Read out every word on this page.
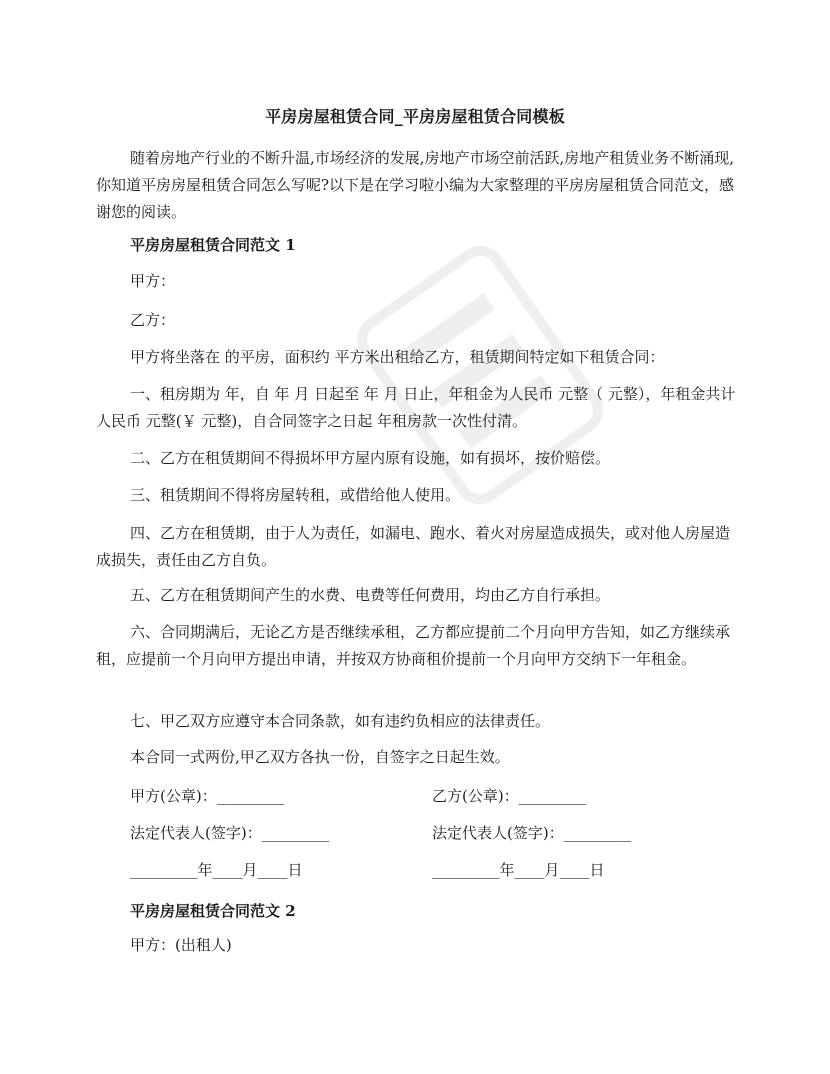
平房房屋租赁合同_平房房屋租赁合同模板

随着房地产行业的不断升温,市场经济的发展,房地产市场空前活跃,房地产租赁业务不断涌现,你知道平房房屋租赁合同怎么写呢?以下是在学习啦小编为大家整理的平房房屋租赁合同范文，感谢您的阅读。

平房房屋租赁合同范文 1

甲方：

乙方：

甲方将坐落在 的平房，面积约 平方米出租给乙方，租赁期间特定如下租赁合同：

一、租房期为 年，自 年 月 日起至 年 月 日止，年租金为人民币 元整（ 元整），年租金共计人民币 元整(￥ 元整)，自合同签字之日起 年租房款一次性付清。

二、乙方在租赁期间不得损坏甲方屋内原有设施，如有损坏，按价赔偿。

三、租赁期间不得将房屋转租，或借给他人使用。

四、乙方在租赁期，由于人为责任，如漏电、跑水、着火对房屋造成损失，或对他人房屋造成损失，责任由乙方自负。

五、乙方在租赁期间产生的水费、电费等任何费用，均由乙方自行承担。

六、合同期满后，无论乙方是否继续承租，乙方都应提前二个月向甲方告知，如乙方继续承租，应提前一个月向甲方提出申请，并按双方协商租价提前一个月向甲方交纳下一年租金。

七、甲乙双方应遵守本合同条款，如有违约负相应的法律责任。

本合同一式两份,甲乙双方各执一份，自签字之日起生效。

甲方(公章)：_________	乙方(公章)：_________

法定代表人(签字)：_________	法定代表人(签字)：_________

_________年____月____日	_________年____月____日

平房房屋租赁合同范文 2

甲方：(出租人)
